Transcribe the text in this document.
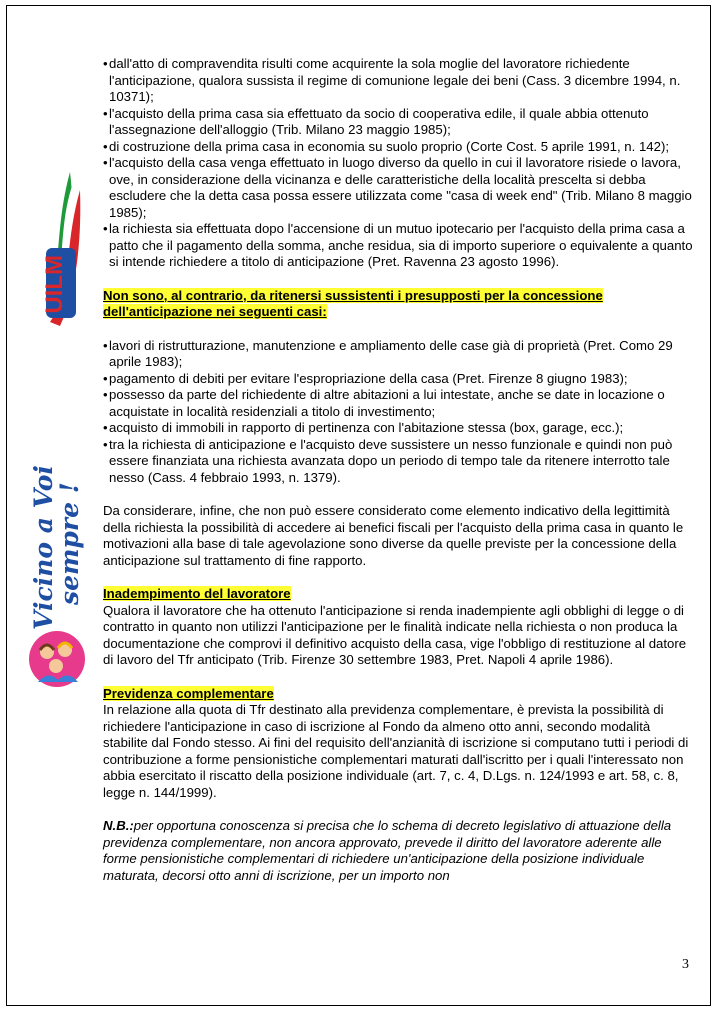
UILM
Vicino a Voi
sempre !
•dall'atto di compravendita risulti come acquirente la sola moglie del lavoratore richiedente l'anticipazione, qualora sussista il regime di comunione legale dei beni (Cass. 3 dicembre 1994, n. 10371);
•l'acquisto della prima casa sia effettuato da socio di cooperativa edile, il quale abbia ottenuto l'assegnazione dell'alloggio (Trib. Milano 23 maggio 1985);
•di costruzione della prima casa in economia su suolo proprio (Corte Cost. 5 aprile 1991, n. 142);
•l'acquisto della casa venga effettuato in luogo diverso da quello in cui il lavoratore risiede o lavora, ove, in considerazione della vicinanza e delle caratteristiche della località prescelta si debba escludere che la detta casa possa essere utilizzata come "casa di week end" (Trib. Milano 8 maggio 1985);
•la richiesta sia effettuata dopo l'accensione di un mutuo ipotecario per l'acquisto della prima casa a patto che il pagamento della somma, anche residua, sia di importo superiore o equivalente a quanto si intende richiedere a titolo di anticipazione (Pret. Ravenna 23 agosto 1996).

Non sono, al contrario, da ritenersi sussistenti i presupposti per la concessione dell'anticipazione nei seguenti casi:

•lavori di ristrutturazione, manutenzione e ampliamento delle case già di proprietà (Pret. Como 29 aprile 1983);
•pagamento di debiti per evitare l'espropriazione della casa (Pret. Firenze 8 giugno 1983);
•possesso da parte del richiedente di altre abitazioni a lui intestate, anche se date in locazione o acquistate in località residenziali a titolo di investimento;
•acquisto di immobili in rapporto di pertinenza con l'abitazione stessa (box, garage, ecc.);
•tra la richiesta di anticipazione e l'acquisto deve sussistere un nesso funzionale e quindi non può essere finanziata una richiesta avanzata dopo un periodo di tempo tale da ritenere interrotto tale nesso (Cass. 4 febbraio 1993, n. 1379).

Da considerare, infine, che non può essere considerato come elemento indicativo della legittimità della richiesta la possibilità di accedere ai benefici fiscali per l'acquisto della prima casa in quanto le motivazioni alla base di tale agevolazione sono diverse da quelle previste per la concessione della anticipazione sul trattamento di fine rapporto.

Inadempimento del lavoratore

Qualora il lavoratore che ha ottenuto l'anticipazione si renda inadempiente agli obblighi di legge o di contratto in quanto non utilizzi l'anticipazione per le finalità indicate nella richiesta o non produca la documentazione che comprovi il definitivo acquisto della casa, vige l'obbligo di restituzione al datore di lavoro del Tfr anticipato (Trib. Firenze 30 settembre 1983, Pret. Napoli 4 aprile 1986).

Previdenza complementare

In relazione alla quota di Tfr destinato alla previdenza complementare, è prevista la possibilità di richiedere l'anticipazione in caso di iscrizione al Fondo da almeno otto anni, secondo modalità stabilite dal Fondo stesso. Ai fini del requisito dell'anzianità di iscrizione si computano tutti i periodi di contribuzione a forme pensionistiche complementari maturati dall'iscritto per i quali l'interessato non abbia esercitato il riscatto della posizione individuale (art. 7, c. 4, D.Lgs. n. 124/1993 e art. 58, c. 8, legge n. 144/1999).

N.B.:per opportuna conoscenza si precisa che lo schema di decreto legislativo di attuazione della previdenza complementare, non ancora approvato, prevede il diritto del lavoratore aderente alle forme pensionistiche complementari di richiedere un'anticipazione della posizione individuale maturata, decorsi otto anni di iscrizione, per un importo non

3
